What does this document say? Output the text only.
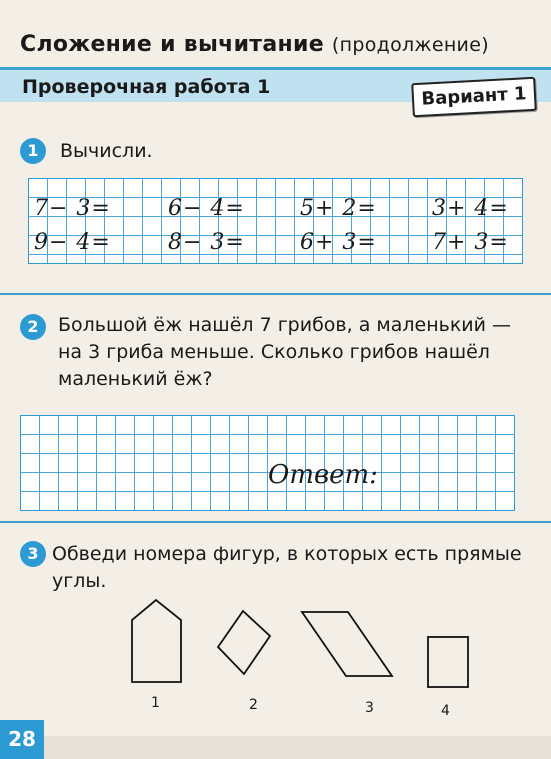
Сложение и вычитание (продолжение)
Проверочная работа 1	Вариант 1
1	Вычисли.
7− 3=	6− 4=	5+ 2=	3+ 4=
9− 4=	8− 3=	6+ 3=	7+ 3=
2	Большой ёж нашёл 7 грибов, а маленький —
на 3 гриба меньше. Сколько грибов нашёл
маленький ёж?
Ответ:
3 Обведи номера фигур, в которых есть прямые
углы.
1	2	3	4
28
